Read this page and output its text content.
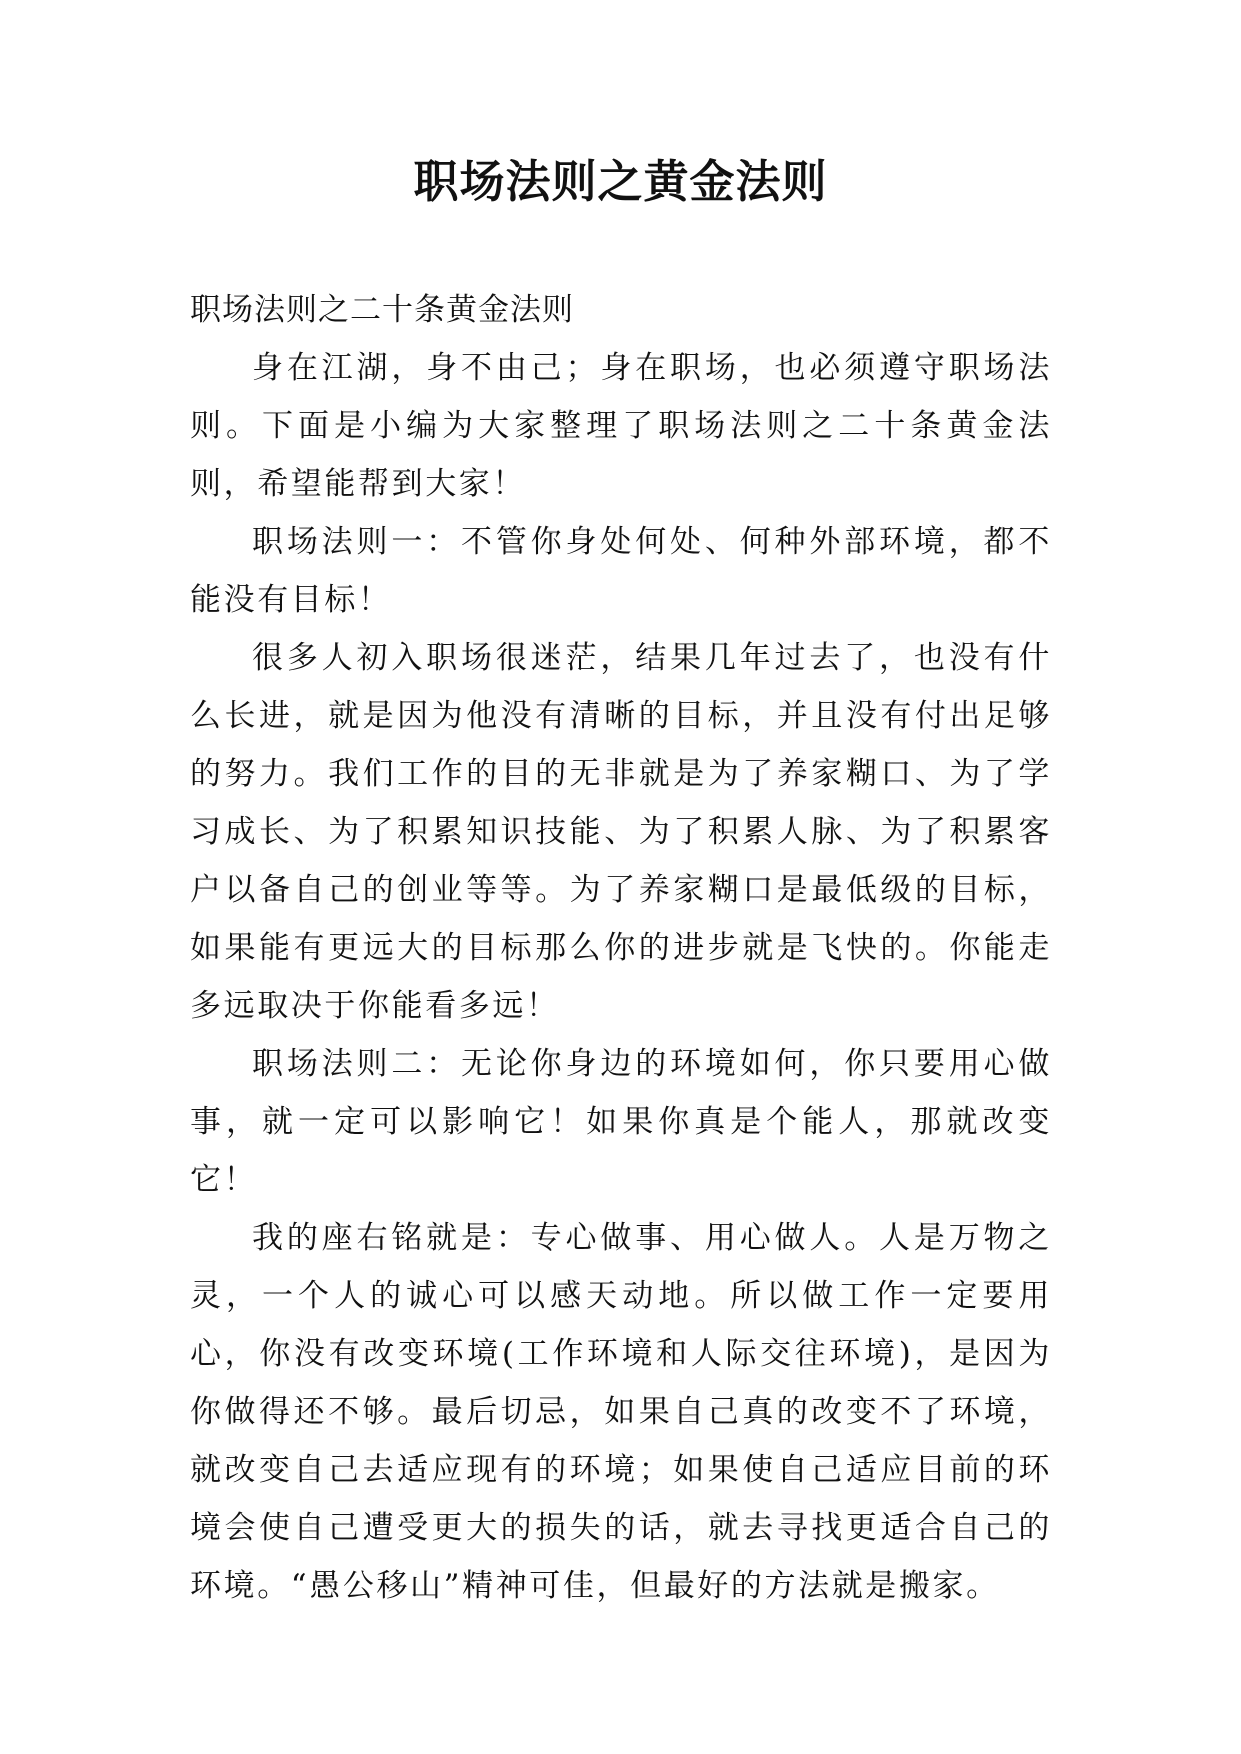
职场法则之黄金法则

职场法则之二十条黄金法则

身在江湖，身不由己；身在职场，也必须遵守职场法则。下面是小编为大家整理了职场法则之二十条黄金法则，希望能帮到大家！

职场法则一：不管你身处何处、何种外部环境，都不能没有目标！

很多人初入职场很迷茫，结果几年过去了，也没有什么长进，就是因为他没有清晰的目标，并且没有付出足够的努力。我们工作的目的无非就是为了养家糊口、为了学习成长、为了积累知识技能、为了积累人脉、为了积累客户以备自己的创业等等。为了养家糊口是最低级的目标，如果能有更远大的目标那么你的进步就是飞快的。你能走多远取决于你能看多远！

职场法则二：无论你身边的环境如何，你只要用心做事，就一定可以影响它！如果你真是个能人，那就改变它！

我的座右铭就是：专心做事、用心做人。人是万物之灵，一个人的诚心可以感天动地。所以做工作一定要用心，你没有改变环境(工作环境和人际交往环境)，是因为你做得还不够。最后切忌，如果自己真的改变不了环境，就改变自己去适应现有的环境；如果使自己适应目前的环境会使自己遭受更大的损失的话，就去寻找更适合自己的环境。“愚公移山”精神可佳，但最好的方法就是搬家。
